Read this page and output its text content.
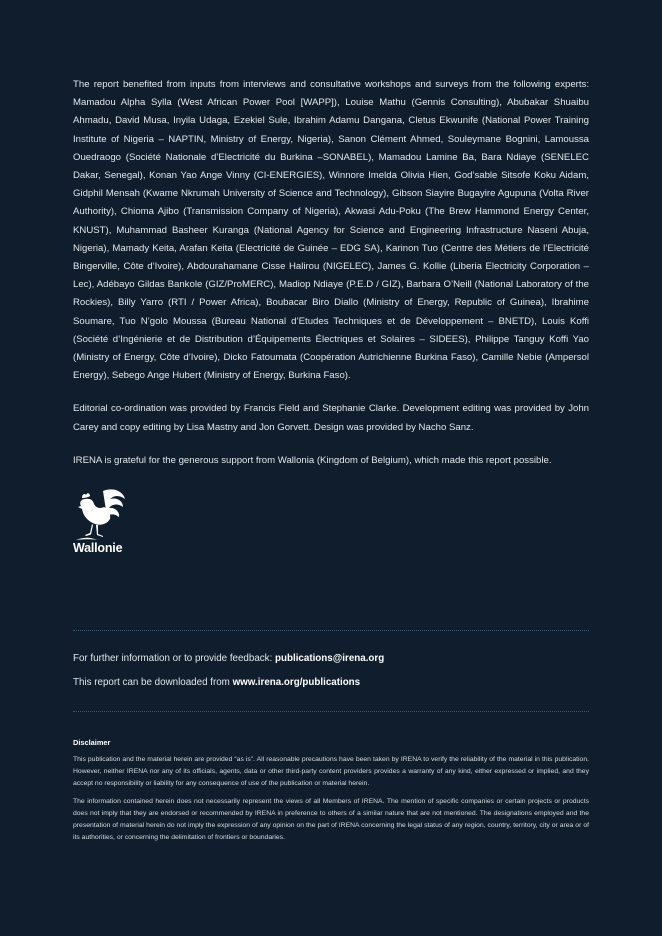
The report benefited from inputs from interviews and consultative workshops and surveys from the following experts: Mamadou Alpha Sylla (West African Power Pool [WAPP]), Louise Mathu (Gennis Consulting), Abubakar Shuaibu Ahmadu, David Musa, Inyila Udaga, Ezekiel Sule, Ibrahim Adamu Dangana, Cletus Ekwunife (National Power Training Institute of Nigeria – NAPTIN, Ministry of Energy, Nigeria), Sanon Clément Ahmed, Souleymane Bognini, Lamoussa Ouedraogo (Société Nationale d’Electricité du Burkina –SONABEL), Mamadou Lamine Ba, Bara Ndiaye (SENELEC Dakar, Senegal), Konan Yao Ange Vinny (CI-ENERGIES), Winnore Imelda Olivia Hien, God’sable Sitsofe Koku Aidam, Gidphil Mensah (Kwame Nkrumah University of Science and Technology), Gibson Siayire Bugayire Agupuna (Volta River Authority), Chioma Ajibo (Transmission Company of Nigeria), Akwasi Adu-Poku (The Brew Hammond Energy Center, KNUST), Muhammad Basheer Kuranga (National Agency for Science and Engineering Infrastructure Naseni Abuja, Nigeria), Mamady Keita, Arafan Keita (Electricité de Guinée – EDG SA), Karinon Tuo (Centre des Métiers de l’Electricité Bingerville, Côte d’Ivoire), Abdourahamane Cisse Halirou (NIGELEC), James G. Kollie (Liberia Electricity Corporation – Lec), Adébayo Gildas Bankole (GIZ/ProMERC), Madiop Ndiaye (P.E.D / GIZ), Barbara O’Neill (National Laboratory of the Rockies), Billy Yarro (RTI / Power Africa), Boubacar Biro Diallo (Ministry of Energy, Republic of Guinea), Ibrahime Soumare, Tuo N’golo Moussa (Bureau National d’Etudes Techniques et de Développement – BNETD), Louis Koffi (Société d’Ingénierie et de Distribution d’Équipements Électriques et Solaires – SIDEES), Philippe Tanguy Koffi Yao (Ministry of Energy, Côte d’Ivoire), Dicko Fatoumata (Coopération Autrichienne Burkina Faso), Camille Nebie (Ampersol Energy), Sebego Ange Hubert (Ministry of Energy, Burkina Faso).

Editorial co-ordination was provided by Francis Field and Stephanie Clarke. Development editing was provided by John Carey and copy editing by Lisa Mastny and Jon Gorvett. Design was provided by Nacho Sanz.

IRENA is grateful for the generous support from Wallonia (Kingdom of Belgium), which made this report possible.

Wallonie

For further information or to provide feedback: publications@irena.org

This report can be downloaded from www.irena.org/publications

Disclaimer

This publication and the material herein are provided “as is”. All reasonable precautions have been taken by IRENA to verify the reliability of the material in this publication. However, neither IRENA nor any of its officials, agents, data or other third-party content providers provides a warranty of any kind, either expressed or implied, and they accept no responsibility or liability for any consequence of use of the publication or material herein.

The information contained herein does not necessarily represent the views of all Members of IRENA. The mention of specific companies or certain projects or products does not imply that they are endorsed or recommended by IRENA in preference to others of a similar nature that are not mentioned. The designations employed and the presentation of material herein do not imply the expression of any opinion on the part of IRENA concerning the legal status of any region, country, territory, city or area or of its authorities, or concerning the delimitation of frontiers or boundaries.
